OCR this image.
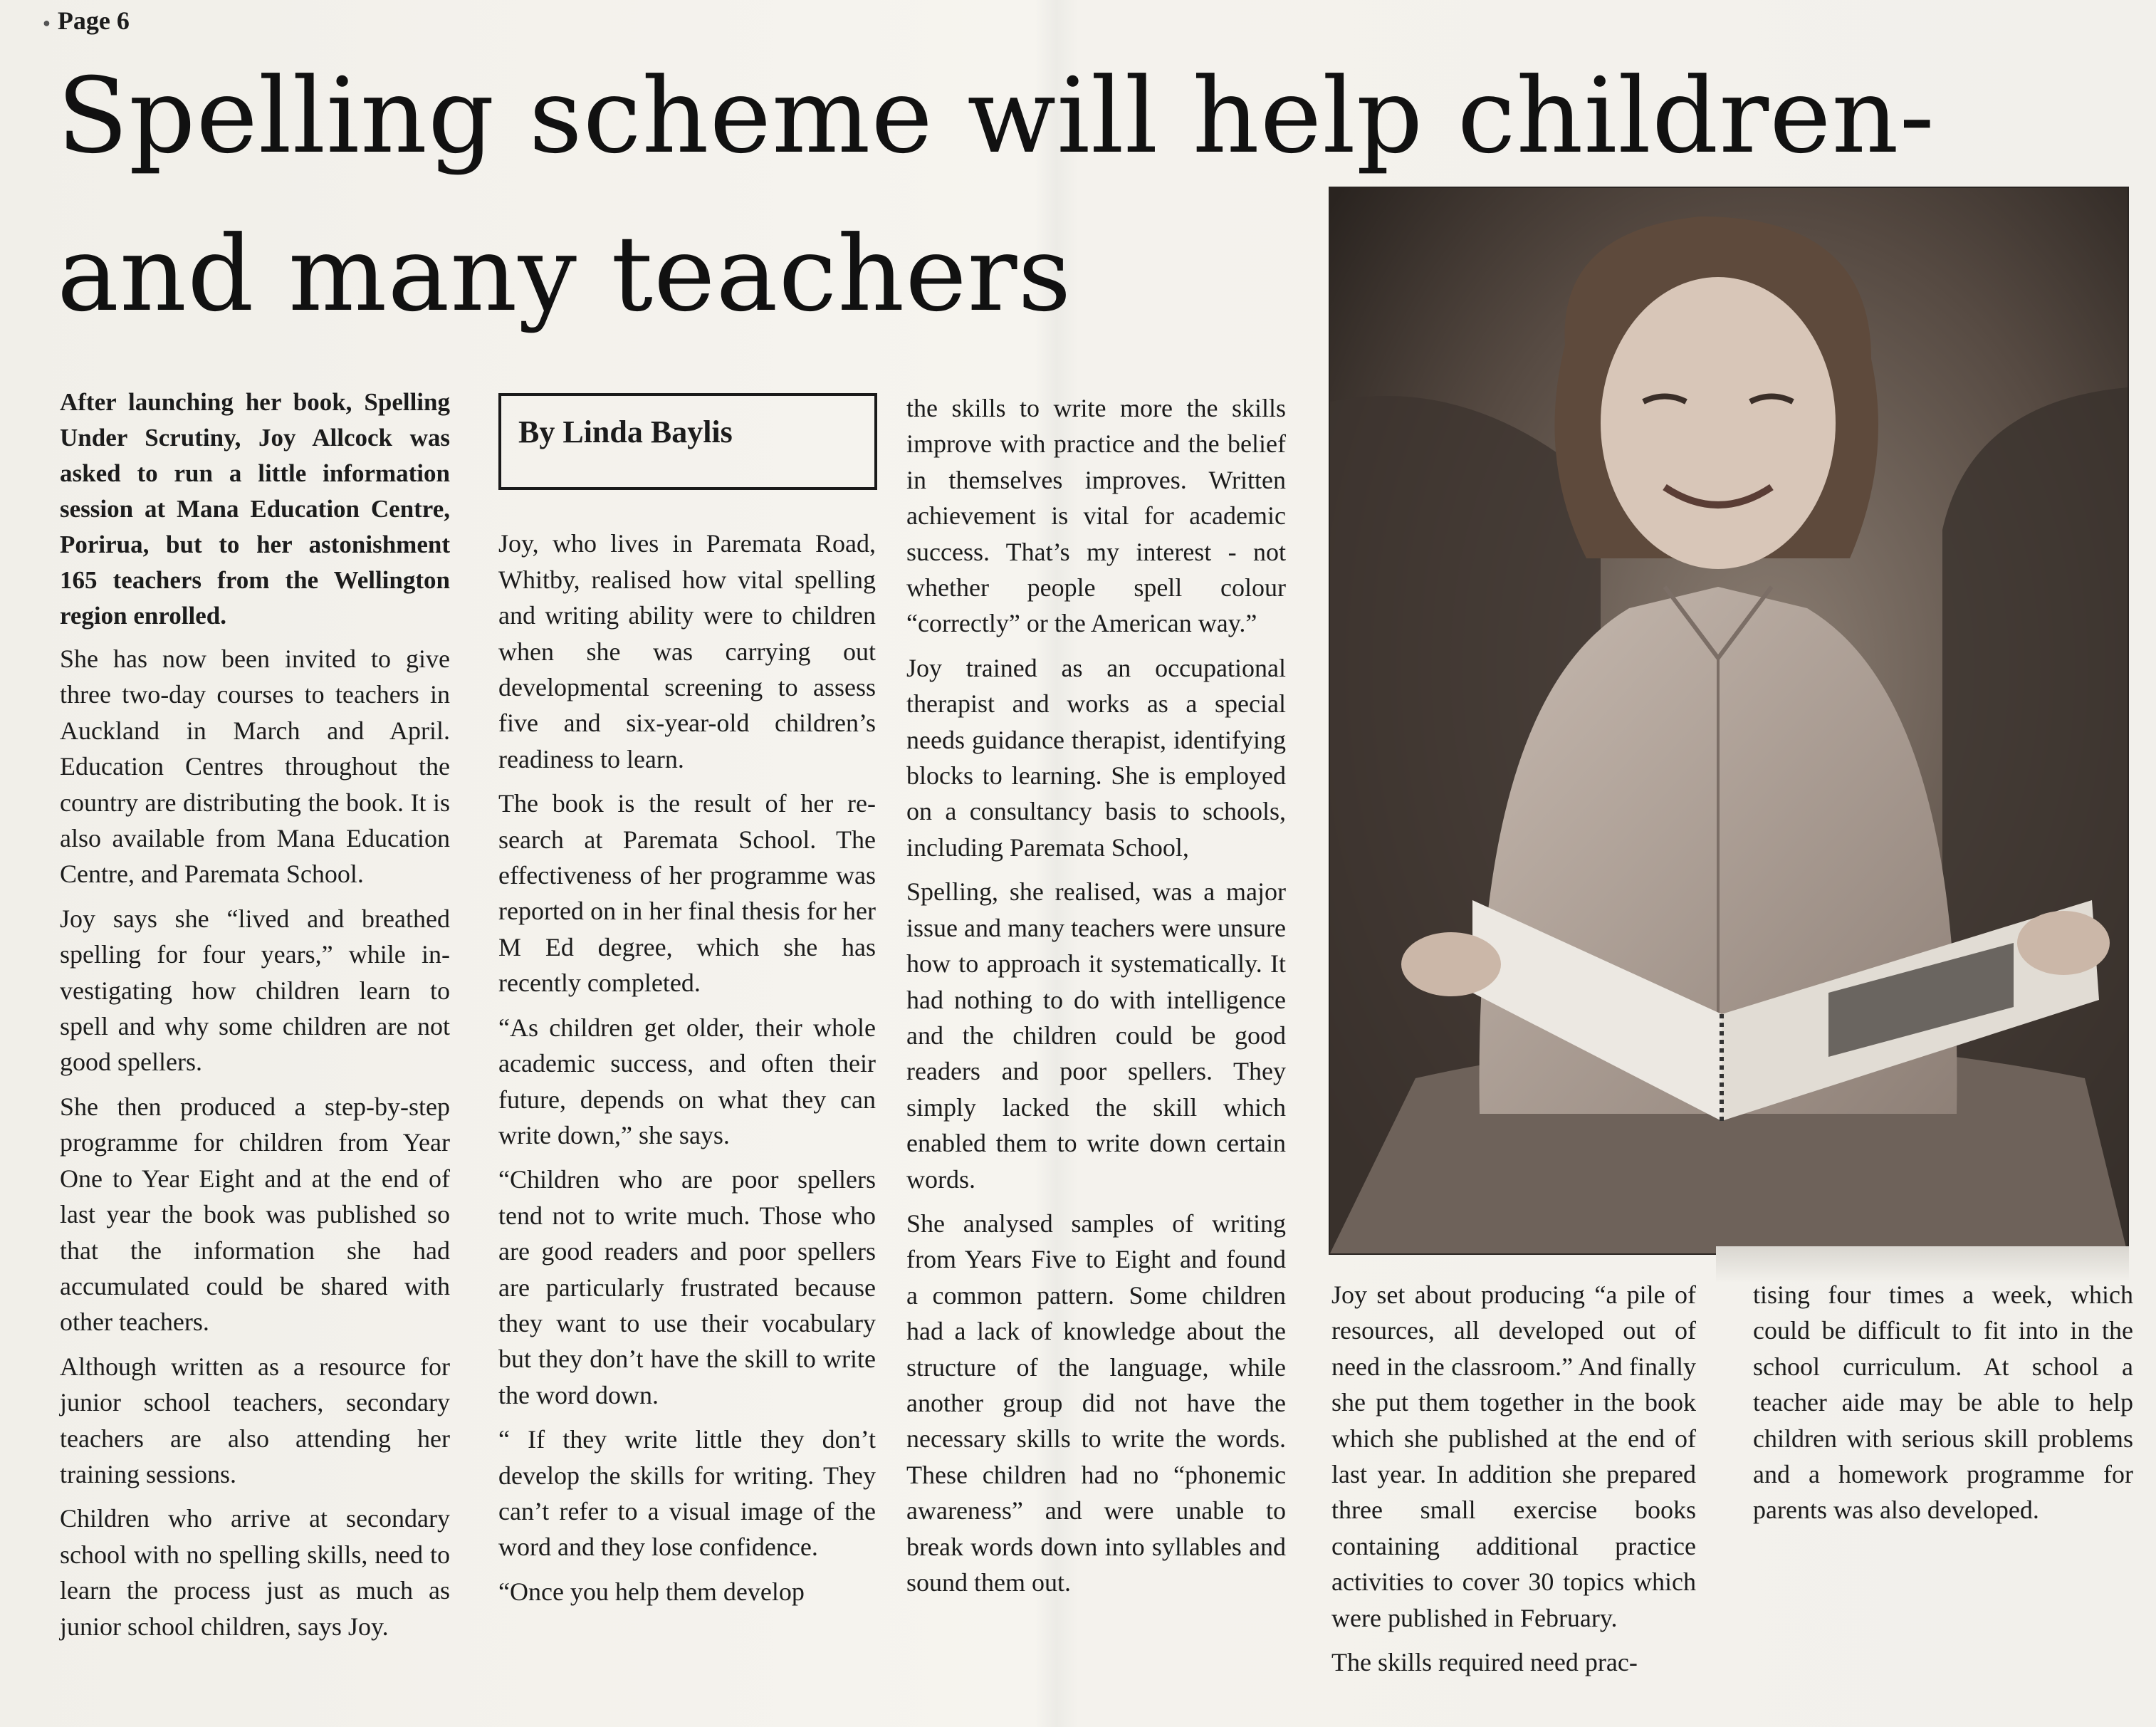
● Page 6
Spelling scheme will help children-
and many teachers

After launching her book, Spelling Under Scrutiny, Joy Allcock was asked to run a little information session at Mana Education Centre, Porirua, but to her astonishment 165 teachers from the Wellington region enrolled.

She has now been invited to give three two-day courses to teachers in Auckland in March and April. Education Centres throughout the country are distributing the book. It is also available from Mana Education Centre, and Paremata School.

Joy says she “lived and breathed spelling for four years,” while investigating how children learn to spell and why some children are not good spellers.

She then produced a step-by-step programme for children from Year One to Year Eight and at the end of last year the book was published so that the information she had accumulated could be shared with other teachers.

Although written as a resource for junior school teachers, secondary teachers are also attending her training sessions.

Children who arrive at secondary school with no spelling skills, need to learn the process just as much as junior school children, says Joy.

By Linda Baylis

Joy, who lives in Paremata Road, Whitby, realised how vital spelling and writing ability were to children when she was carrying out developmental screening to assess five and six-year-old children’s readiness to learn.

The book is the result of her research at Paremata School. The effectiveness of her programme was reported on in her final thesis for her M Ed degree, which she has recently completed.

“As children get older, their whole academic success, and often their future, depends on what they can write down,” she says.

“Children who are poor spellers tend not to write much. Those who are good readers and poor spellers are particularly frustrated because they want to use their vocabulary but they don’t have the skill to write the word down.

“ If they write little they don’t develop the skills for writing. They can’t refer to a visual image of the word and they lose confidence.

“Once you help them develop

the skills to write more the skills improve with practice and the belief in themselves improves. Written achievement is vital for academic success. That’s my interest - not whether people spell colour “correctly” or the American way.”

Joy trained as an occupational therapist and works as a special needs guidance therapist, identifying blocks to learning. She is employed on a consultancy basis to schools, including Paremata School,

Spelling, she realised, was a major issue and many teachers were unsure how to approach it systematically. It had nothing to do with intelligence and the children could be good readers and poor spellers. They simply lacked the skill which enabled them to write down certain words.

She analysed samples of writing from Years Five to Eight and found a common pattern. Some children had a lack of knowledge about the structure of the language, while another group did not have the necessary skills to write the words. These children had no “phonemic awareness” and were unable to break words down into syllables and sound them out.

Joy set about producing “a pile of resources, all developed out of need in the classroom.” And finally she put them together in the book which she published at the end of last year. In addition she prepared three small exercise books containing additional practice activities to cover 30 topics which were published in February.

The skills required need prac-

tising four times a week, which could be difficult to fit into in the school curriculum. At school a teacher aide may be able to help children with serious skill problems and a homework programme for parents was also developed.
